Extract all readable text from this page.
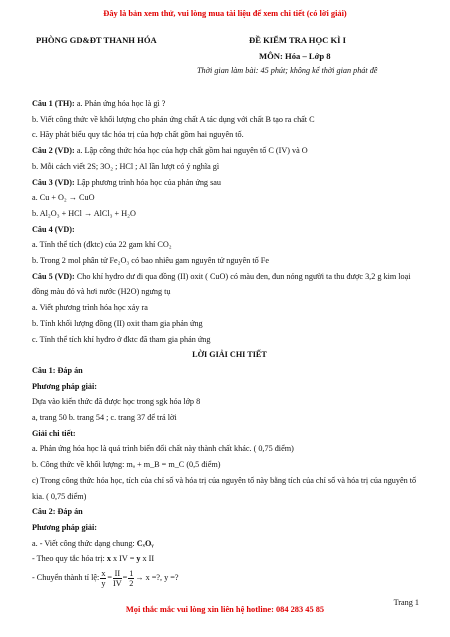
Đây là bản xem thử, vui lòng mua tài liệu để xem chi tiết (có lời giải)
PHÒNG GD&ĐT THANH HÓA	ĐỀ KIỂM TRA HỌC KÌ I
MÔN: Hóa – Lớp 8
Thời gian làm bài: 45 phút; không kể thời gian phát đề
Câu 1 (TH): a. Phản ứng hóa học là gì ?
b. Viết công thức về khối lượng cho phản ứng chất A tác dụng với chất B tạo ra chất C
c. Hãy phát biểu quy tắc hóa trị của hợp chất gồm hai nguyên tố.
Câu 2 (VD): a. Lập công thức hóa học của hợp chất gồm hai nguyên tố C (IV) và O
b. Mỗi cách viết 2S; 3O₂ ; HCl ; Al lần lượt có ý nghĩa gì
Câu 3 (VD): Lập phương trình hóa học của phản ứng sau
a. Cu + O₂ → CuO
b. Al₂O₃ + HCl → AlCl₃ + H₂O
Câu 4 (VD):
a. Tính thể tích (đktc) của 22 gam khí CO₂
b. Trong 2 mol phân tử Fe₂O₃ có bao nhiêu gam nguyên tử nguyên tố Fe
Câu 5 (VD): Cho khí hyđro dư đi qua đồng (II) oxit ( CuO) có màu đen, đun nóng người ta thu được 3,2 g kim loại đồng màu đỏ và hơi nước (H2O) ngưng tụ
a. Viết phương trình hóa học xảy ra
b. Tính khối lượng đồng (II) oxit tham gia phản ứng
c. Tính thể tích khí hyđro ở đktc đã tham gia phản ứng
LỜI GIẢI CHI TIẾT
Câu 1: Đáp án
Phương pháp giải:
Dựa vào kiến thức đã được học trong sgk hóa lớp 8
a, trang 50 b. trang 54 ; c. trang 37 để trả lời
Giải chi tiết:
a. Phản ứng hóa học là quá trình biến đổi chất này thành chất khác. ( 0,75 điểm)
b. Công thức về khối lượng: mₐ + m_B = m_C (0,5 điểm)
c) Trong công thức hóa học, tích của chỉ số và hóa trị của nguyên tố này bằng tích của chỉ số và hóa trị của nguyên tố kia. ( 0,75 điểm)
Câu 2: Đáp án
Phương pháp giải:
a. - Viết công thức dạng chung: CₓOᵧ
- Theo quy tắc hóa trị: x x IV = y x II
- Chuyển thành tỉ lệ: $\frac{x}{y} = \frac{II}{IV} = \frac{1}{2} \to x$ =?, y =?
Trang 1
Mọi thắc mắc vui lòng xin liên hệ hotline: 084 283 45 85
